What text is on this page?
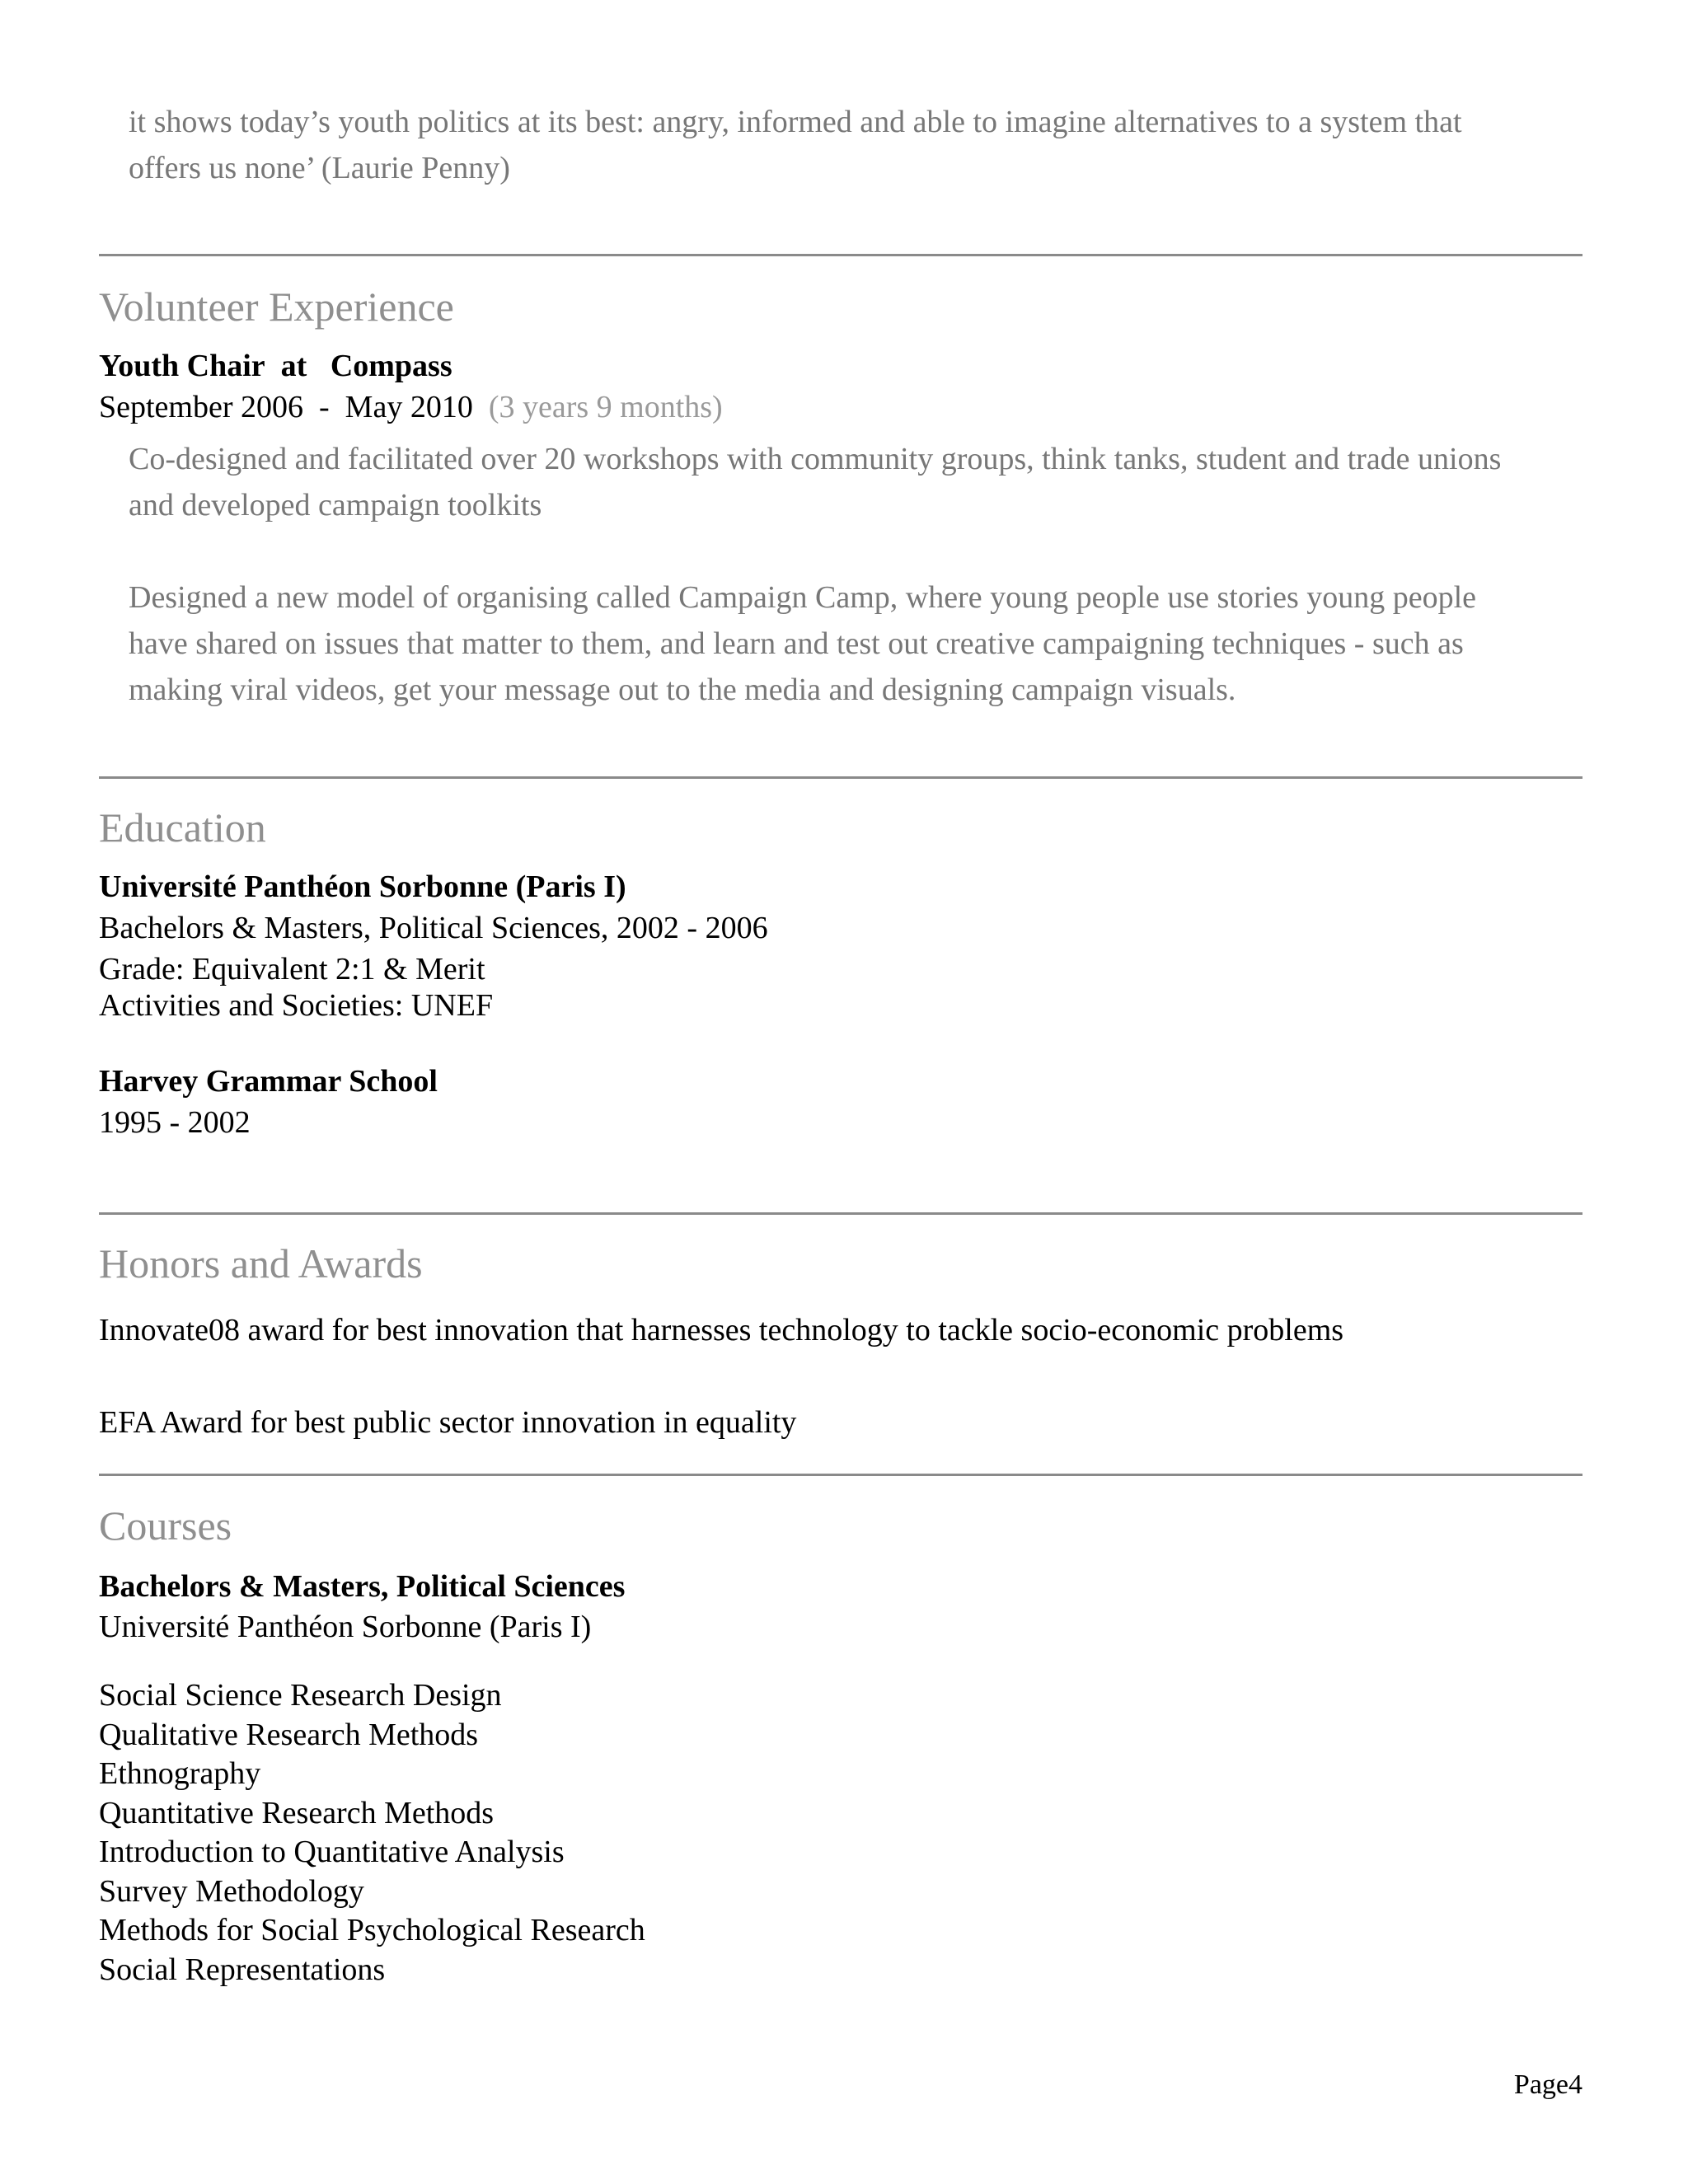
it shows today’s youth politics at its best: angry, informed and able to imagine alternatives to a system that
offers us none’ (Laurie Penny)
Volunteer Experience
Youth Chair at Compass
September 2006 - May 2010 (3 years 9 months)
Co-designed and facilitated over 20 workshops with community groups, think tanks, student and trade unions
and developed campaign toolkits
Designed a new model of organising called Campaign Camp, where young people use stories young people
have shared on issues that matter to them, and learn and test out creative campaigning techniques - such as
making viral videos, get your message out to the media and designing campaign visuals.
Education
Université Panthéon Sorbonne (Paris I)
Bachelors & Masters, Political Sciences, 2002 - 2006
Grade: Equivalent 2:1 & Merit
Activities and Societies: UNEF
Harvey Grammar School
1995 - 2002
Honors and Awards
Innovate08 award for best innovation that harnesses technology to tackle socio-economic problems
EFA Award for best public sector innovation in equality
Courses
Bachelors & Masters, Political Sciences
Université Panthéon Sorbonne (Paris I)
Social Science Research Design
Qualitative Research Methods
Ethnography
Quantitative Research Methods
Introduction to Quantitative Analysis
Survey Methodology
Methods for Social Psychological Research
Social Representations
Page4
